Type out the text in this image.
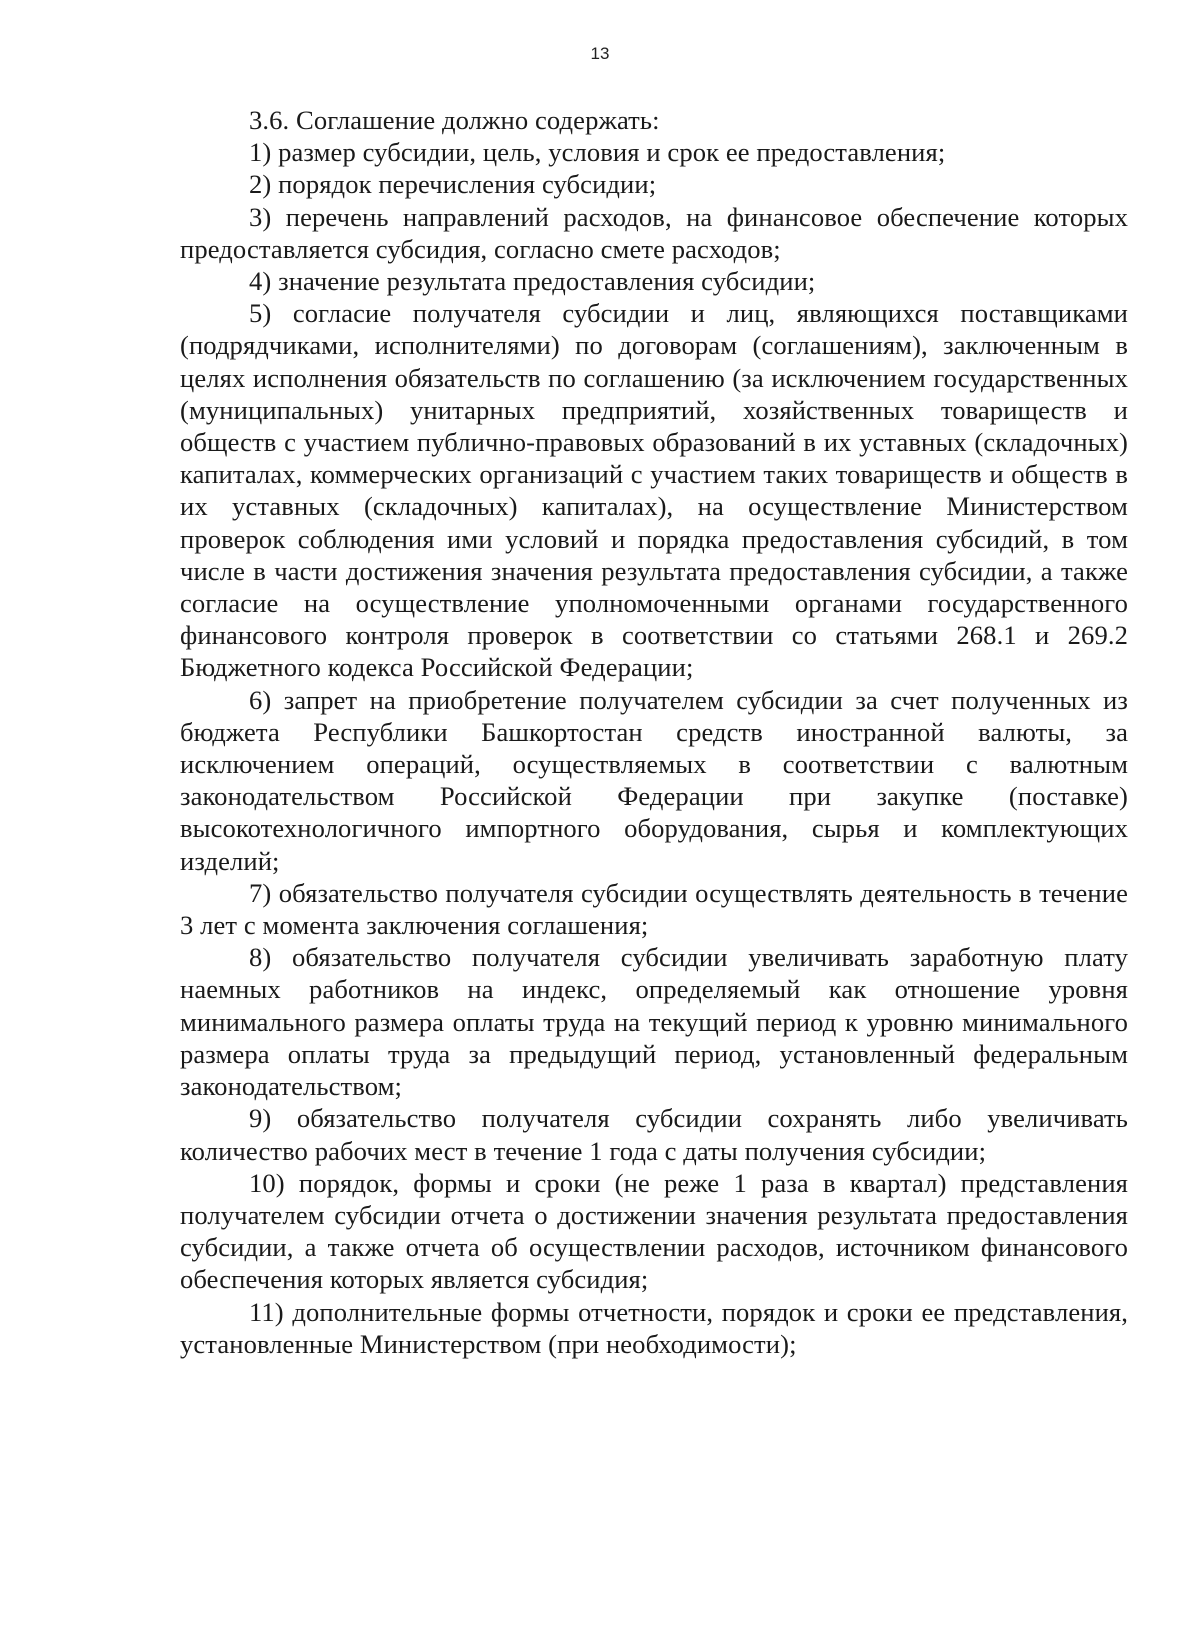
13

3.6. Соглашение должно содержать:

1) размер субсидии, цель, условия и срок ее предоставления;

2) порядок перечисления субсидии;

3) перечень направлений расходов, на финансовое обеспечение которых предоставляется субсидия, согласно смете расходов;

4) значение результата предоставления субсидии;

5) согласие получателя субсидии и лиц, являющихся поставщиками (подрядчиками, исполнителями) по договорам (соглашениям), заключенным в целях исполнения обязательств по соглашению (за исключением государственных (муниципальных) унитарных предприятий, хозяйственных товариществ и обществ с участием публично-правовых образований в их уставных (складочных) капиталах, коммерческих организаций с участием таких товариществ и обществ в их уставных (складочных) капиталах), на осуществление Министерством проверок соблюдения ими условий и порядка предоставления субсидий, в том числе в части достижения значения результата предоставления субсидии, а также согласие на осуществление уполномоченными органами государственного финансового контроля проверок в соответствии со статьями 268.1 и 269.2 Бюджетного кодекса Российской Федерации;

6) запрет на приобретение получателем субсидии за счет полученных из бюджета Республики Башкортостан средств иностранной валюты, за исключением операций, осуществляемых в соответствии с валютным законодательством Российской Федерации при закупке (поставке) высокотехнологичного импортного оборудования, сырья и комплектующих изделий;

7) обязательство получателя субсидии осуществлять деятельность в течение 3 лет с момента заключения соглашения;

8) обязательство получателя субсидии увеличивать заработную плату наемных работников на индекс, определяемый как отношение уровня минимального размера оплаты труда на текущий период к уровню минимального размера оплаты труда за предыдущий период, установленный федеральным законодательством;

9) обязательство получателя субсидии сохранять либо увеличивать количество рабочих мест в течение 1 года с даты получения субсидии;

10) порядок, формы и сроки (не реже 1 раза в квартал) представления получателем субсидии отчета о достижении значения результата предоставления субсидии, а также отчета об осуществлении расходов, источником финансового обеспечения которых является субсидия;

11) дополнительные формы отчетности, порядок и сроки ее представления, установленные Министерством (при необходимости);
